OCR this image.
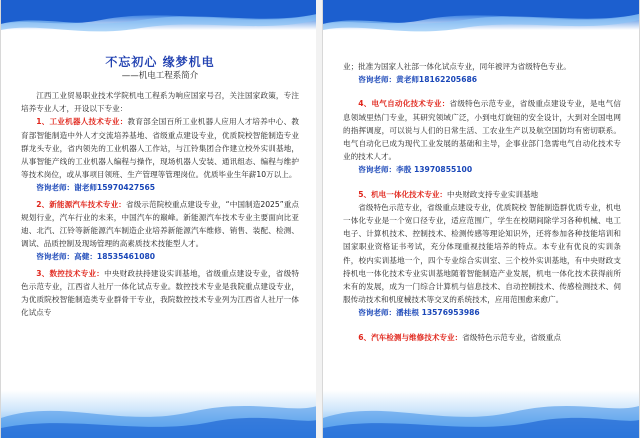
不忘初心 缘梦机电
——机电工程系简介

江西工业贸易职业技术学院机电工程系为响应国家号召，关注国家政策，专注培养专业人才，开设以下专业：

1、工业机器人技术专业：教育部全国百所工业机器人应用人才培养中心、教育部智能制造中外人才交流培养基地、省级重点建设专业，优质院校智能制造专业群龙头专业，省内领先的工业机器人工作站，与江铃集团合作建立校外实训基地，从事智能产线的工业机器人编程与操作，现场机器人安装、通讯组态、编程与维护等技术岗位，或从事项目领班、生产管理等管理岗位。优质毕业生年薪10万以上。

咨询老师：谢老师15970427565

2、新能源汽车技术专业：省级示范院校重点建设专业，“中国制造2025”重点规划行业，汽车行业的未来，中国汽车的巅峰。新能源汽车技术专业主要面向比亚迪、北汽、江铃等新能源汽车制造企业培养新能源汽车维修、销售、装配、检测、调试、品质控制及现场管理的高素质技术技能型人才。

咨询老师：高健：18535461080

3、数控技术专业：中央财政扶持建设实训基地，省级重点建设专业，省级特色示范专业，江西省人社厅一体化试点专业。数控技术专业是我院重点建设专业，为优质院校智能制造类专业群骨干专业，我院数控技术专业列为江西省人社厅一体化试点专

业；批准为国家人社部一体化试点专业，同年被评为省级特色专业。

咨询老师：黄老师18162205686

4、电气自动化技术专业：省级特色示范专业，省级重点建设专业，是电气信息领域里热门专业，其研究领域广泛，小到电灯旋钮的安全设计，大到对全国电网的指挥调度，可以说与人们的日常生活、工农业生产以及航空国防均有密切联系。电气自动化已成为现代工业发展的基础和主导，企事业部门急需电气自动化技术专业的技术人才。

咨询老师：李殷 13970855100

5、机电一体化技术专业：中央财政支持专业实训基地

省级特色示范专业，省级重点建设专业，优质院校 智能制造群优质专业，机电一体化专业是一个宽口径专业，适应范围广，学生在校期间除学习各种机械、电工电子、计算机技术、控制技术、检测传感等理论知识外，还将参加各种技能培训和国家职业资格证书考试，充分体现重视技能培养的特点。本专业有优良的实训条件，校内实训基地一个，四个专业综合实训室、三个校外实训基地，有中央财政支持机电一体化技术专业实训基地随着智能制造产业发展，机电一体化技术获得前所未有的发展，成为一门综合计算机与信息技术、自动控制技术、传感检测技术、伺服传动技术和机度械技术等交叉的系统技术，应用范围愈来愈广。

咨询老师：潘桂根 13576953986

6、汽车检测与维修技术专业：省级特色示范专业，省级重点
